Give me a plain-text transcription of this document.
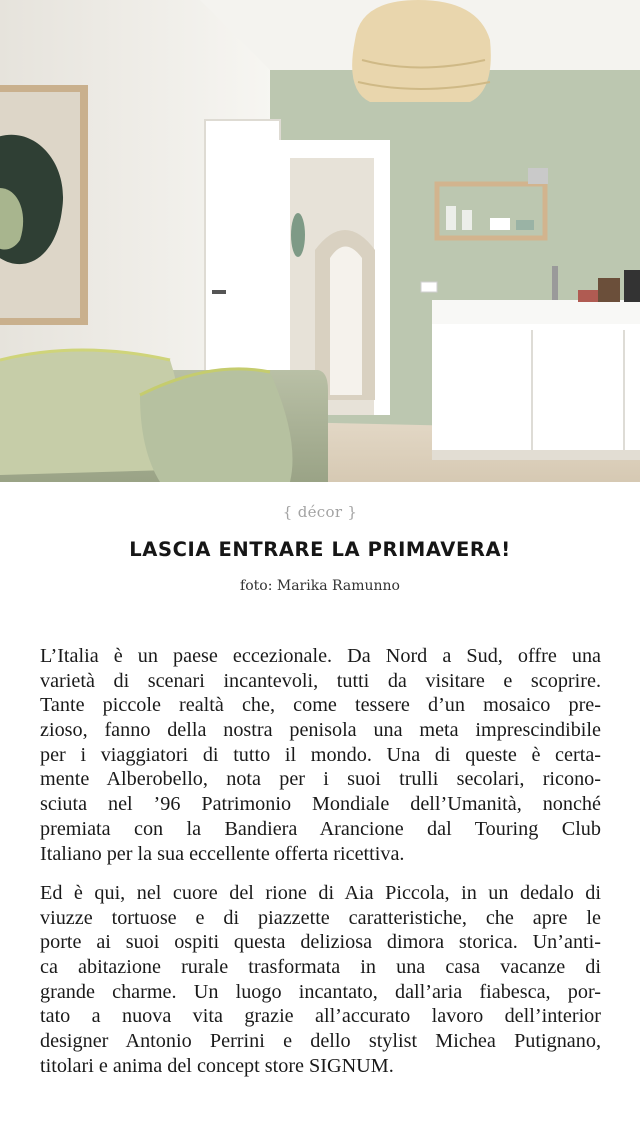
{ décor }
LASCIA ENTRARE LA PRIMAVERA!
foto: Marika Ramunno
L’Italia è un paese eccezionale. Da Nord a Sud, offre una
varietà di scenari incantevoli, tutti da visitare e scoprire.
Tante piccole realtà che, come tessere d’un mosaico pre-
zioso, fanno della nostra penisola una meta imprescindibile
per i viaggiatori di tutto il mondo. Una di queste è certa-
mente Alberobello, nota per i suoi trulli secolari, ricono-
sciuta nel ’96 Patrimonio Mondiale dell’Umanità, nonché
premiata con la Bandiera Arancione dal Touring Club
Italiano per la sua eccellente offerta ricettiva.
Ed è qui, nel cuore del rione di Aia Piccola, in un dedalo di
viuzze tortuose e di piazzette caratteristiche, che apre le
porte ai suoi ospiti questa deliziosa dimora storica. Un’anti-
ca abitazione rurale trasformata in una casa vacanze di
grande charme. Un luogo incantato, dall’aria fiabesca, por-
tato a nuova vita grazie all’accurato lavoro dell’interior
designer Antonio Perrini e dello stylist Michea Putignano,
titolari e anima del concept store SIGNUM.
